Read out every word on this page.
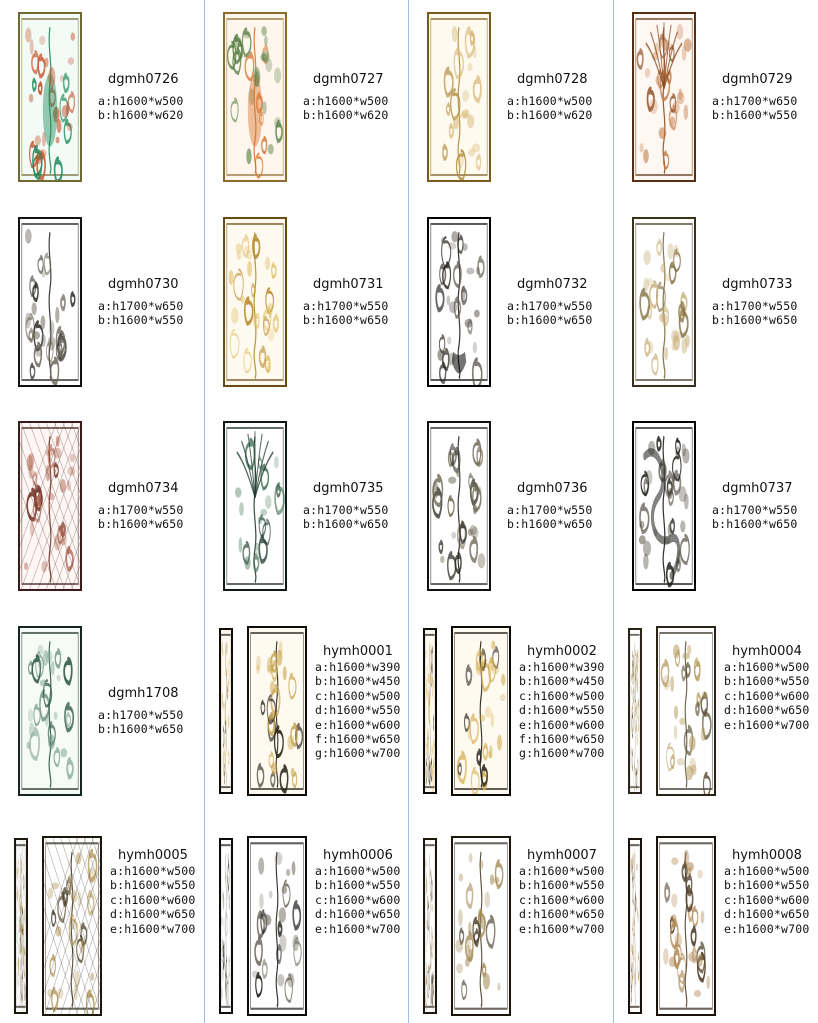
dgmh0726
a:h1600*w500
b:h1600*w620
dgmh0727
a:h1600*w500
b:h1600*w620
dgmh0728
a:h1600*w500
b:h1600*w620
dgmh0729
a:h1700*w650
b:h1600*w550
dgmh0730
a:h1700*w650
b:h1600*w550
dgmh0731
a:h1700*w550
b:h1600*w650
dgmh0732
a:h1700*w550
b:h1600*w650
dgmh0733
a:h1700*w550
b:h1600*w650
dgmh0734
a:h1700*w550
b:h1600*w650
dgmh0735
a:h1700*w550
b:h1600*w650
dgmh0736
a:h1700*w550
b:h1600*w650
dgmh0737
a:h1700*w550
b:h1600*w650
dgmh1708
a:h1700*w550
b:h1600*w650
hymh0001
a:h1600*w390
b:h1600*w450
c:h1600*w500
d:h1600*w550
e:h1600*w600
f:h1600*w650
g:h1600*w700
hymh0002
a:h1600*w390
b:h1600*w450
c:h1600*w500
d:h1600*w550
e:h1600*w600
f:h1600*w650
g:h1600*w700
hymh0004
a:h1600*w500
b:h1600*w550
c:h1600*w600
d:h1600*w650
e:h1600*w700
hymh0005
a:h1600*w500
b:h1600*w550
c:h1600*w600
d:h1600*w650
e:h1600*w700
hymh0006
a:h1600*w500
b:h1600*w550
c:h1600*w600
d:h1600*w650
e:h1600*w700
hymh0007
a:h1600*w500
b:h1600*w550
c:h1600*w600
d:h1600*w650
e:h1600*w700
hymh0008
a:h1600*w500
b:h1600*w550
c:h1600*w600
d:h1600*w650
e:h1600*w700
